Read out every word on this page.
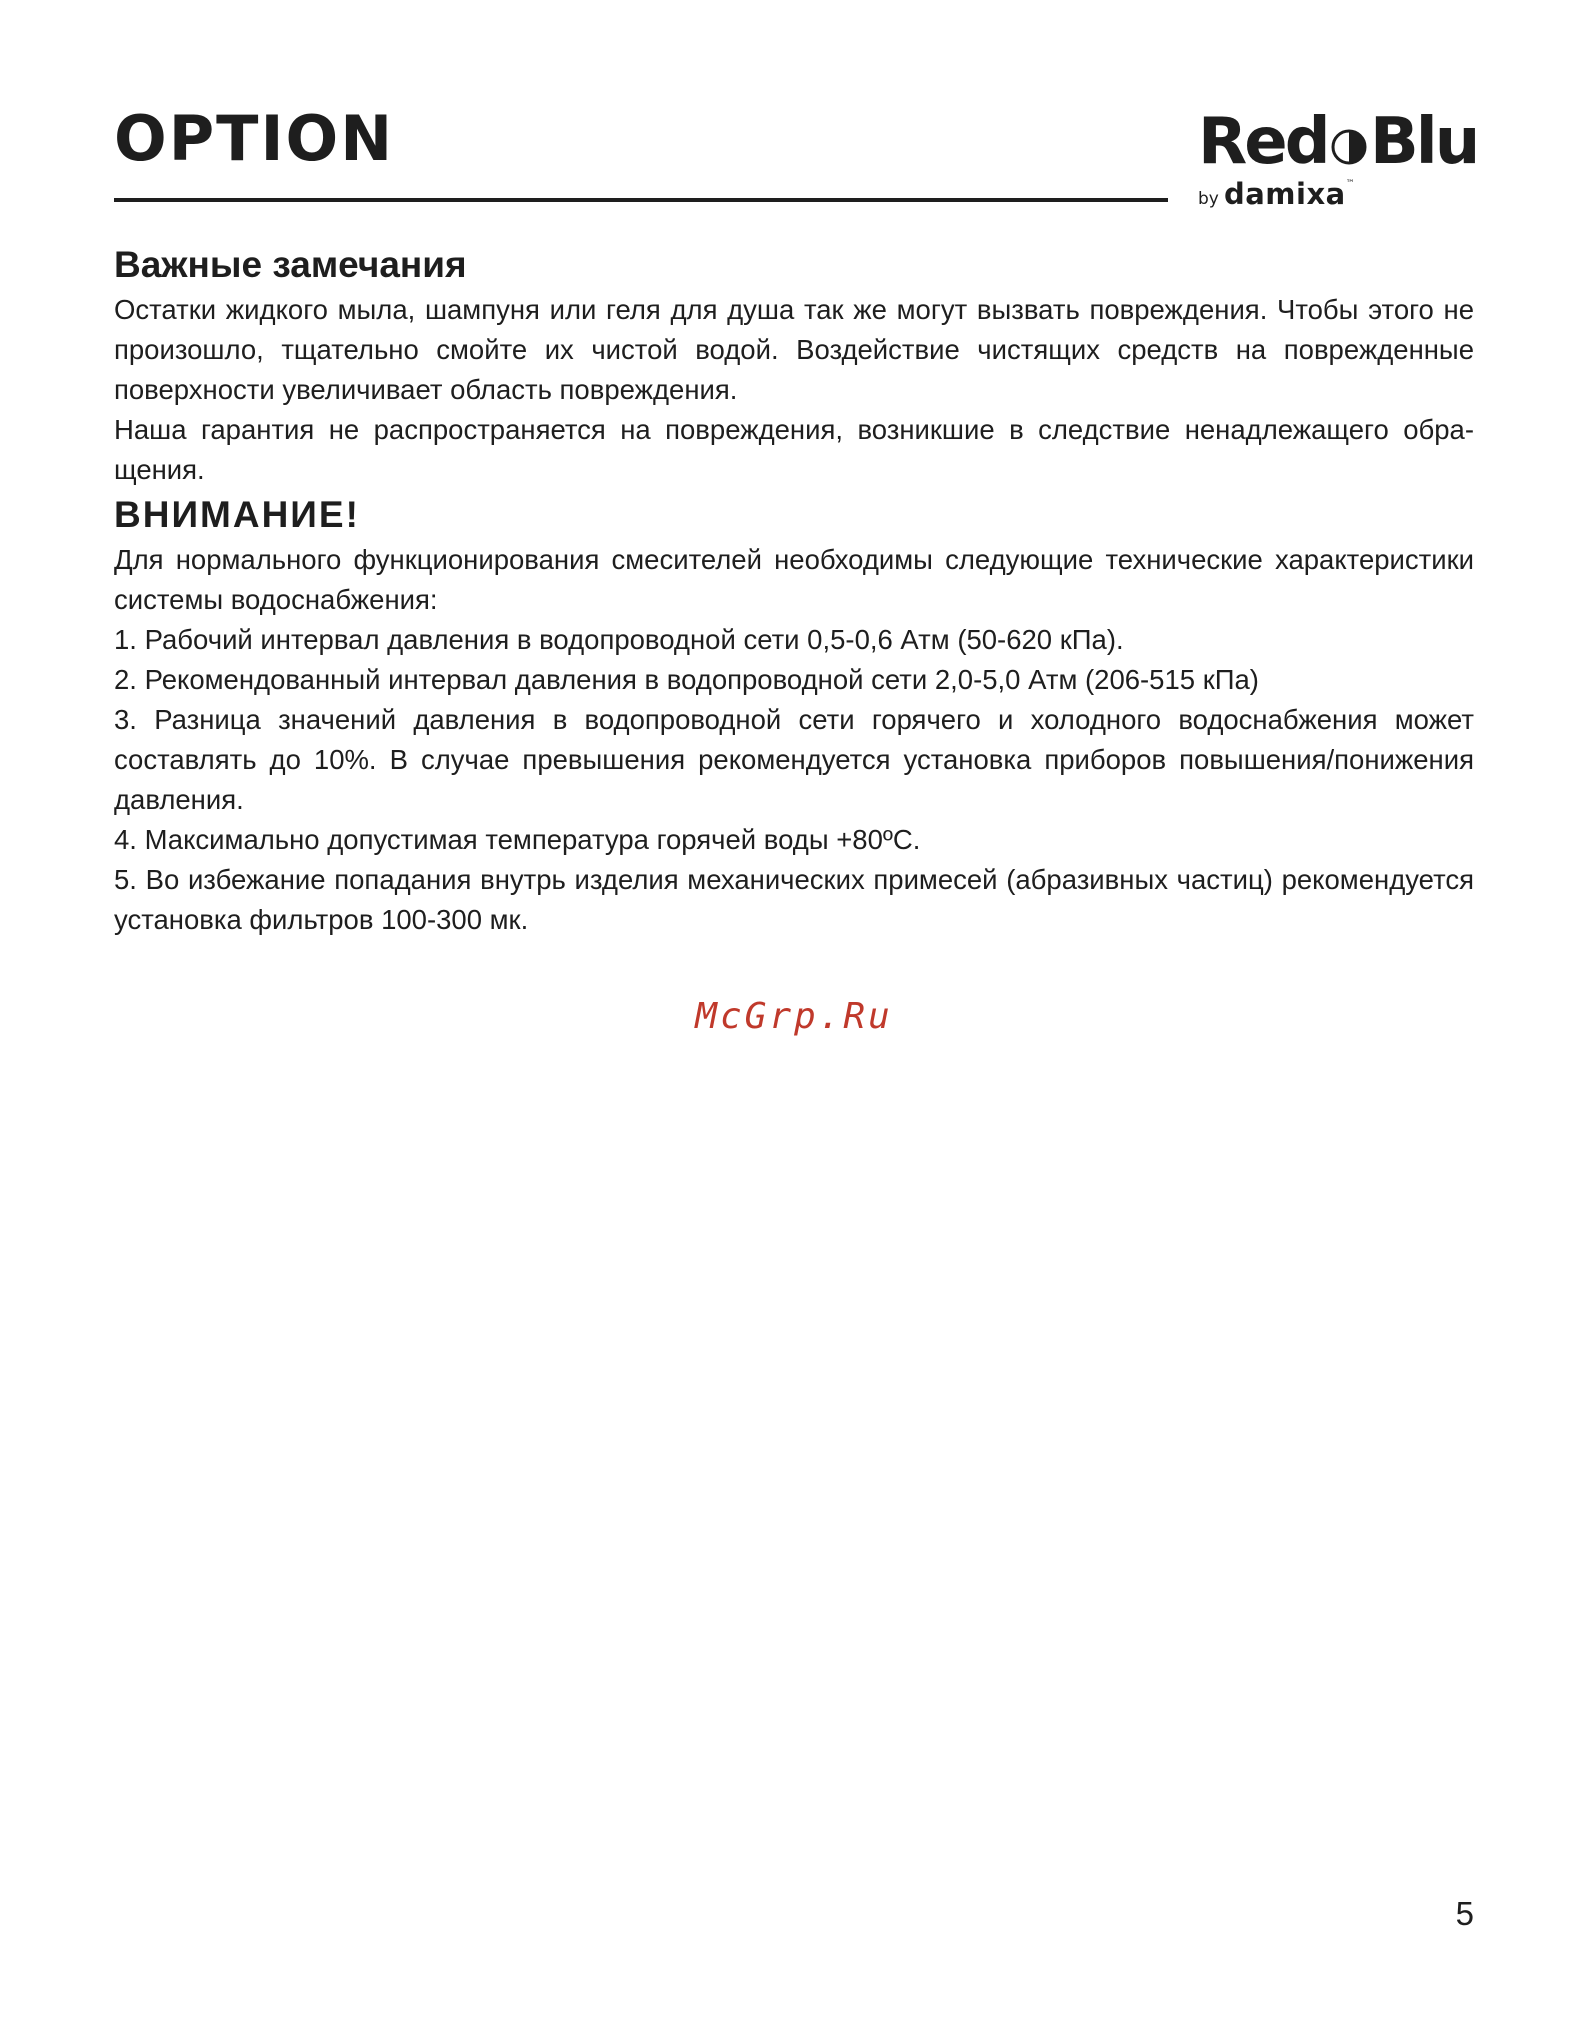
OPTION	Red Blu
by damixa™
Важные замечания

Остатки жидкого мыла, шампуня или геля для душа так же могут вызвать повреждения. Чтобы этого не произошло, тщательно смойте их чистой водой. Воздействие чистящих средств на поврежденные поверхности увеличивает область повреждения.

Наша гарантия не распространяется на повреждения, возникшие в следствие ненадлежащего обращения.

ВНИМАНИЕ!

Для нормального функционирования смесителей необходимы следующие технические характеристики системы водоснабжения:

1. Рабочий интервал давления в водопроводной сети 0,5-0,6 Атм (50-620 кПа).

2. Рекомендованный интервал давления в водопроводной сети 2,0-5,0 Атм (206-515 кПа)

3. Разница значений давления в водопроводной сети горячего и холодного водоснабжения может составлять до 10%. В случае превышения рекомендуется установка приборов повышения/понижения давления.

4. Максимально допустимая температура горячей воды +80ºC.

5. Во избежание попадания внутрь изделия механических примесей (абразивных частиц) рекомендуется установка фильтров 100-300 мк.

McGrp.Ru
5
